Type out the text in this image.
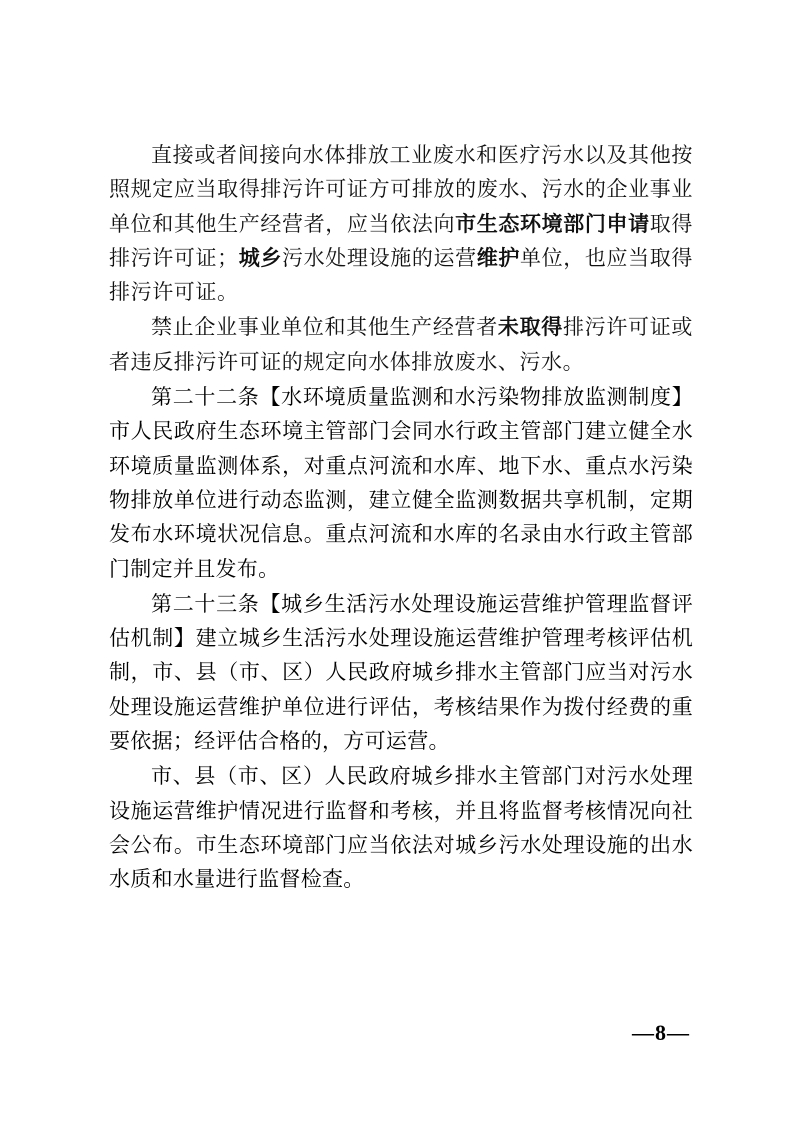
直接或者间接向水体排放工业废水和医疗污水以及其他按照规定应当取得排污许可证方可排放的废水、污水的企业事业单位和其他生产经营者，应当依法向市生态环境部门申请取得排污许可证；城乡污水处理设施的运营维护单位，也应当取得排污许可证。

禁止企业事业单位和其他生产经营者未取得排污许可证或者违反排污许可证的规定向水体排放废水、污水。

第二十二条【水环境质量监测和水污染物排放监测制度】市人民政府生态环境主管部门会同水行政主管部门建立健全水环境质量监测体系，对重点河流和水库、地下水、重点水污染物排放单位进行动态监测，建立健全监测数据共享机制，定期发布水环境状况信息。重点河流和水库的名录由水行政主管部门制定并且发布。

第二十三条【城乡生活污水处理设施运营维护管理监督评估机制】建立城乡生活污水处理设施运营维护管理考核评估机制，市、县（市、区）人民政府城乡排水主管部门应当对污水处理设施运营维护单位进行评估，考核结果作为拨付经费的重要依据；经评估合格的，方可运营。

市、县（市、区）人民政府城乡排水主管部门对污水处理设施运营维护情况进行监督和考核，并且将监督考核情况向社会公布。市生态环境部门应当依法对城乡污水处理设施的出水水质和水量进行监督检查。

—8—
